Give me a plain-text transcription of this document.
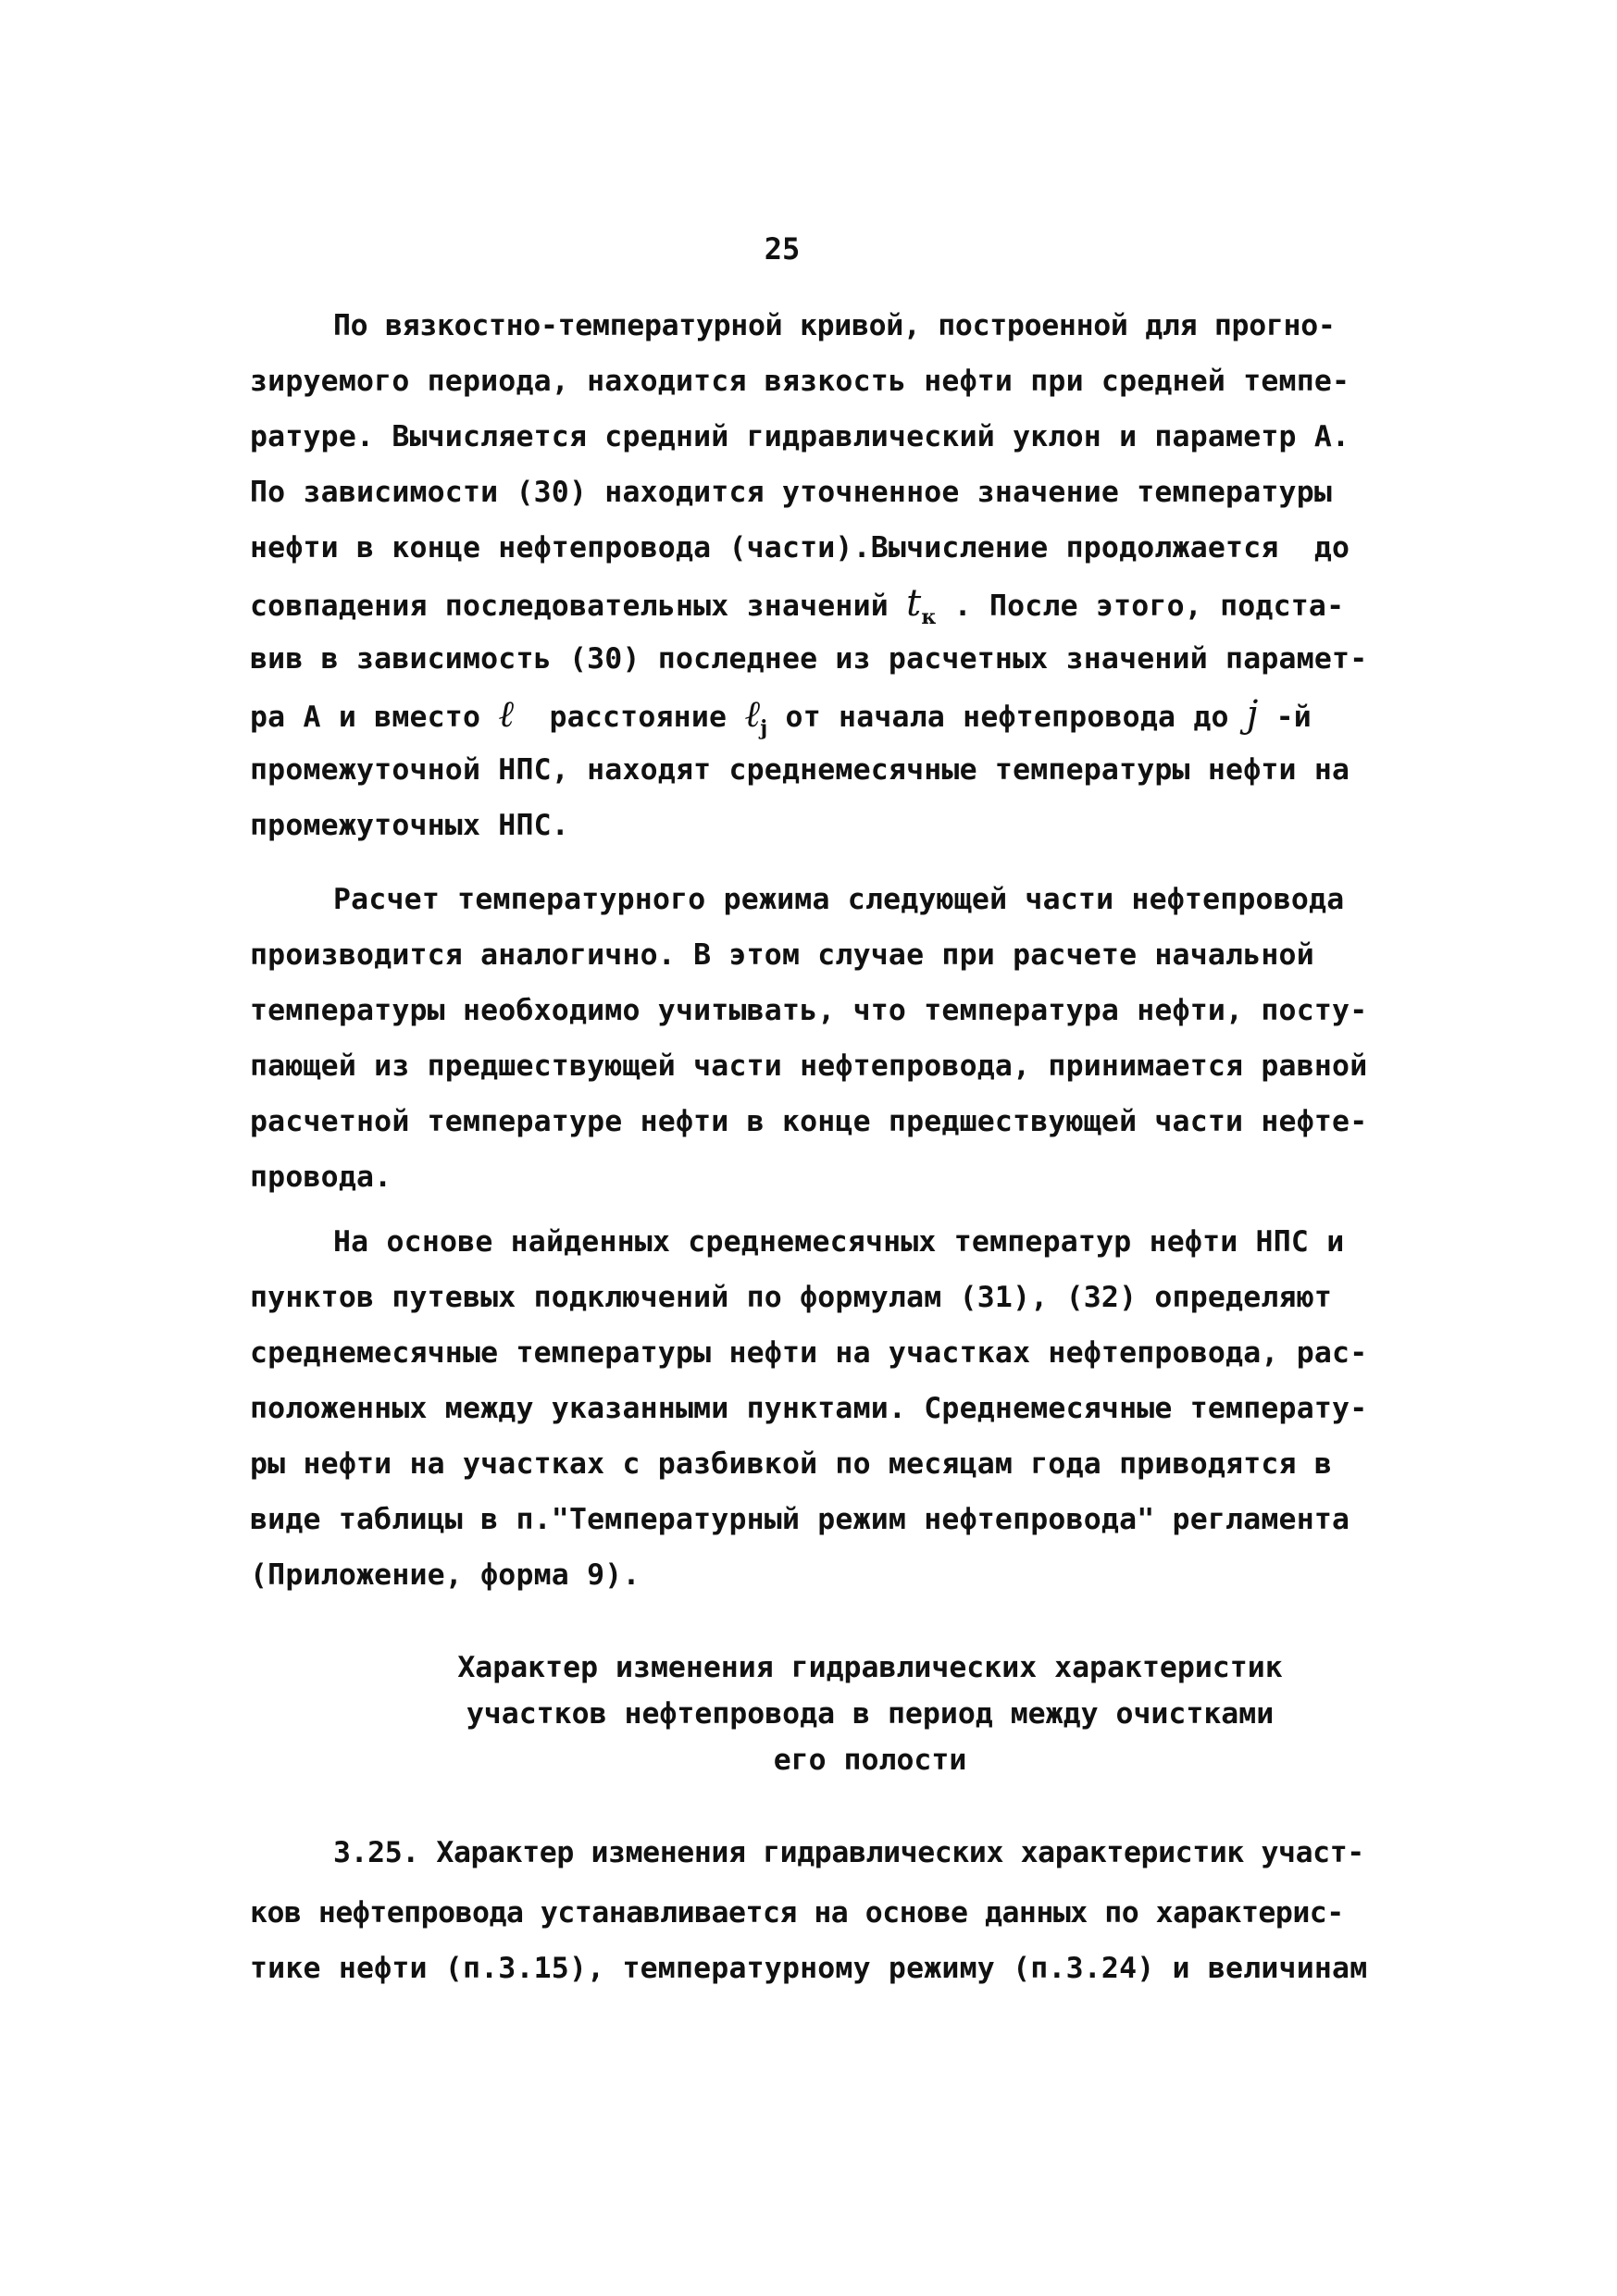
25
По вязкостно-температурной кривой, построенной для прогно-
зируемого периода, находится вязкость нефти при средней темпе-
ратуре. Вычисляется средний гидравлический уклон и параметр А.
По зависимости (30) находится уточненное значение температуры
нефти в конце нефтепровода (части).Вычисление продолжается  до
совпадения последовательных значений $t_к$ . После этого, подста-
вив в зависимость (30) последнее из расчетных значений парамет-
ра А и вместо ℓ  расстояние ℓ$_j$ от начала нефтепровода до j -й
промежуточной НПС, находят среднемесячные температуры нефти на
промежуточных НПС.
Расчет температурного режима следующей части нефтепровода
производится аналогично. В этом случае при расчете начальной
температуры необходимо учитывать, что температура нефти, посту-
пающей из предшествующей части нефтепровода, принимается равной
расчетной температуре нефти в конце предшествующей части нефте-
провода.
На основе найденных среднемесячных температур нефти НПС и
пунктов путевых подключений по формулам (31), (32) определяют
среднемесячные температуры нефти на участках нефтепровода, рас-
положенных между указанными пунктами. Среднемесячные температу-
ры нефти на участках с разбивкой по месяцам года приводятся в
виде таблицы в п."Температурный режим нефтепровода" регламента
(Приложение, форма 9).
Характер изменения гидравлических характеристик
участков нефтепровода в период между очистками
его полости
3.25. Характер изменения гидравлических характеристик участ-
ков нефтепровода устанавливается на основе данных по характерис-
тике нефти (п.3.15), температурному режиму (п.3.24) и величинам
